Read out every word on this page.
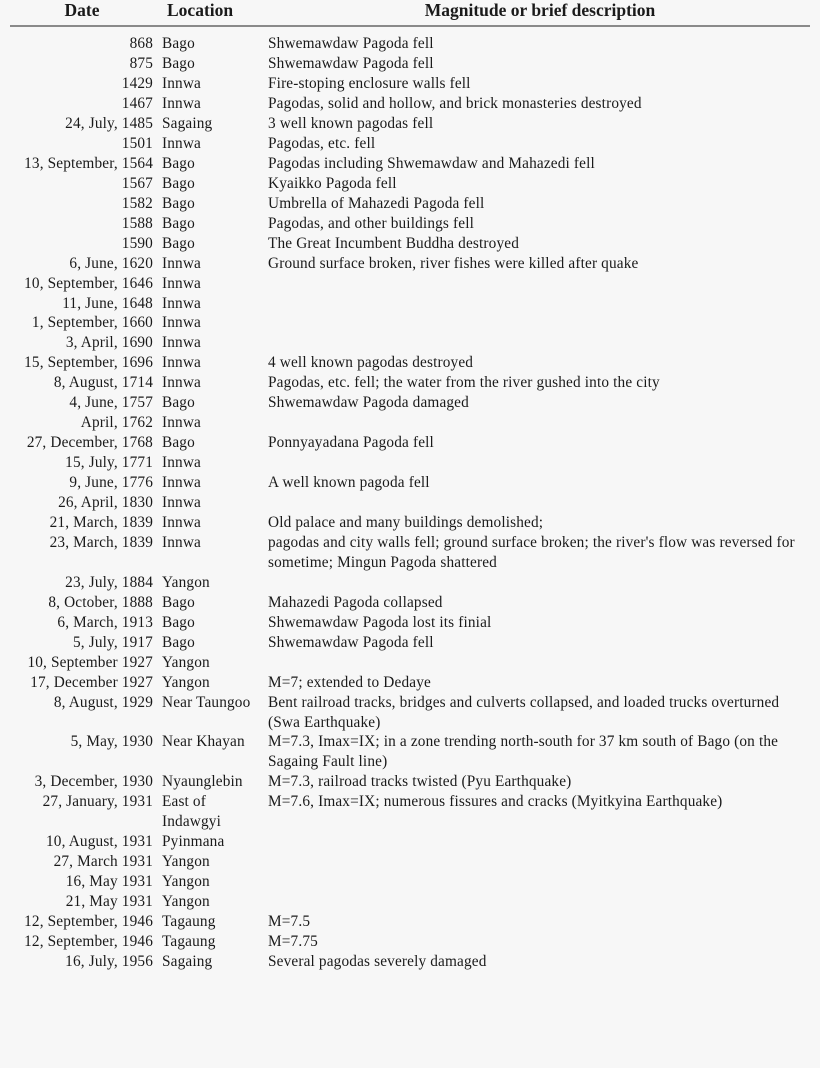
Date	Location	Magnitude or brief description
868	Bago	Shwemawdaw Pagoda fell
875	Bago	Shwemawdaw Pagoda fell
1429	Innwa	Fire-stoping enclosure walls fell
1467	Innwa	Pagodas, solid and hollow, and brick monasteries destroyed
24, July, 1485	Sagaing	3 well known pagodas fell
1501	Innwa	Pagodas, etc. fell
13, September, 1564	Bago	Pagodas including Shwemawdaw and Mahazedi fell
1567	Bago	Kyaikko Pagoda fell
1582	Bago	Umbrella of Mahazedi Pagoda fell
1588	Bago	Pagodas, and other buildings fell
1590	Bago	The Great Incumbent Buddha destroyed
6, June, 1620	Innwa	Ground surface broken, river fishes were killed after quake
10, September, 1646	Innwa	
11, June, 1648	Innwa	
1, September, 1660	Innwa	
3, April, 1690	Innwa	
15, September, 1696	Innwa	4 well known pagodas destroyed
8, August, 1714	Innwa	Pagodas, etc. fell; the water from the river gushed into the city
4, June, 1757	Bago	Shwemawdaw Pagoda damaged
April, 1762	Innwa	
27, December, 1768	Bago	Ponnyayadana Pagoda fell
15, July, 1771	Innwa	
9, June, 1776	Innwa	A well known pagoda fell
26, April, 1830	Innwa	
21, March, 1839	Innwa	Old palace and many buildings demolished;
23, March, 1839	Innwa	pagodas and city walls fell; ground surface broken; the river's flow was reversed for sometime; Mingun Pagoda shattered
23, July, 1884	Yangon	
8, October, 1888	Bago	Mahazedi Pagoda collapsed
6, March, 1913	Bago	Shwemawdaw Pagoda lost its finial
5, July, 1917	Bago	Shwemawdaw Pagoda fell
10, September 1927	Yangon	
17, December 1927	Yangon	M=7; extended to Dedaye
8, August, 1929	Near Taungoo	Bent railroad tracks, bridges and culverts collapsed, and loaded trucks overturned (Swa Earthquake)
5, May, 1930	Near Khayan	M=7.3, Imax=IX; in a zone trending north-south for 37 km south of Bago (on the Sagaing Fault line)
3, December, 1930	Nyaunglebin	M=7.3, railroad tracks twisted (Pyu Earthquake)
27, January, 1931	East of Indawgyi	M=7.6, Imax=IX; numerous fissures and cracks (Myitkyina Earthquake)
10, August, 1931	Pyinmana	
27, March 1931	Yangon	
16, May 1931	Yangon	
21, May 1931	Yangon	
12, September, 1946	Tagaung	M=7.5
12, September, 1946	Tagaung	M=7.75
16, July, 1956	Sagaing	Several pagodas severely damaged
